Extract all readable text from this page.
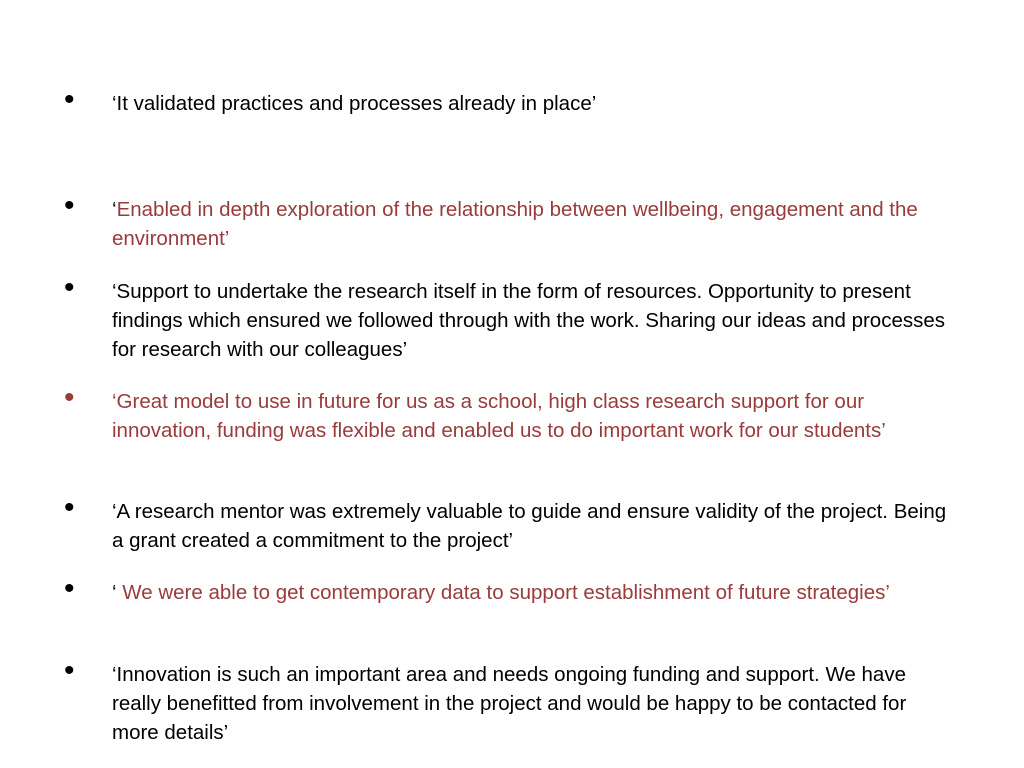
•	‘It validated practices and processes already in place’
•	‘Enabled in depth exploration of the relationship between wellbeing, engagement and the environment’
•	‘Support to undertake the research itself in the form of resources. Opportunity to present findings which ensured we followed through with the work. Sharing our ideas and processes for research with our colleagues’
•	‘Great model to use in future for us as a school, high class research support for our innovation, funding was flexible and enabled us to do important work for our students’
•	‘A research mentor was extremely valuable to guide and ensure validity of the project. Being a grant created a commitment to the project’
•	‘ We were able to get contemporary data to support establishment of future strategies’
•	‘Innovation is such an important area and needs ongoing funding and support. We have really benefitted from involvement in the project and would be happy to be contacted for more details’
